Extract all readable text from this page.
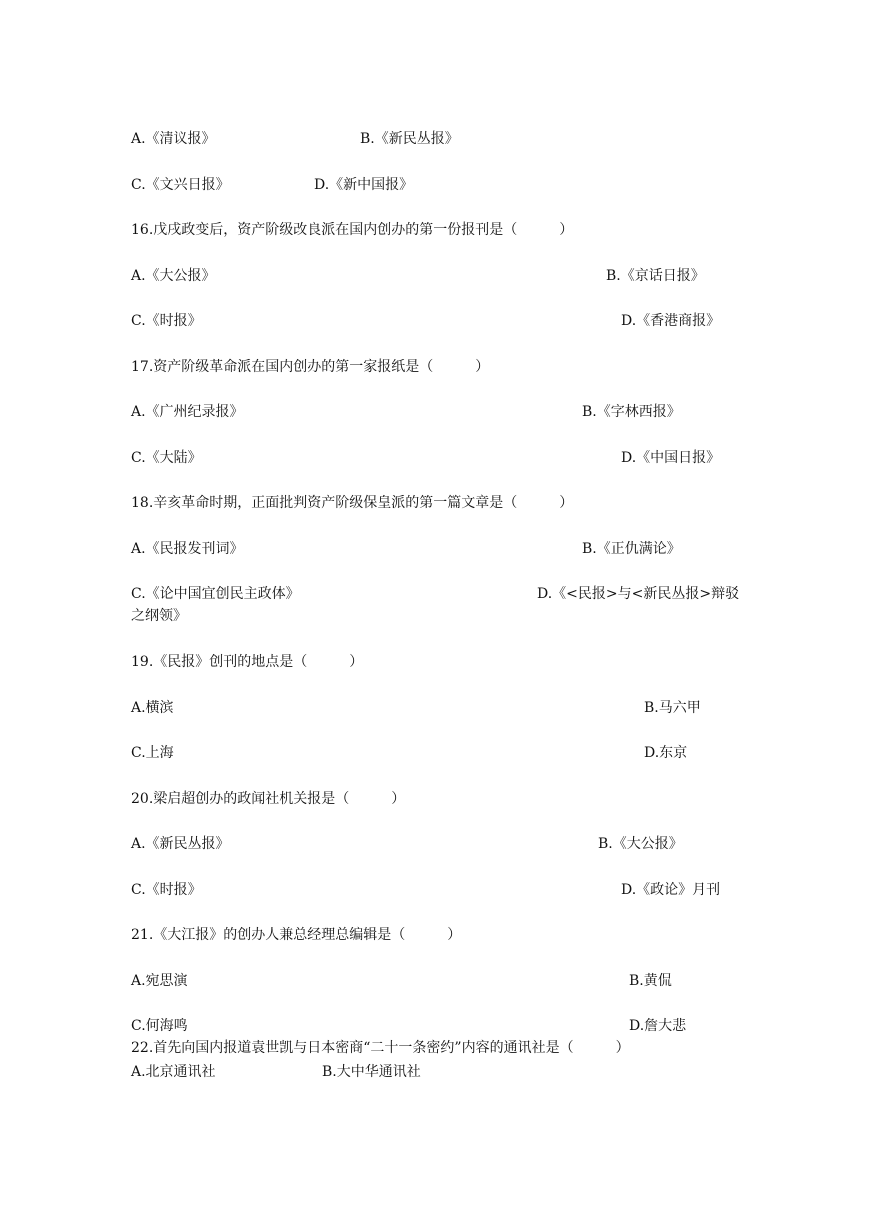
A.《清议报》	B.《新民丛报》
C.《文兴日报》	D.《新中国报》
16.戊戌政变后，资产阶级改良派在国内创办的第一份报刊是（　　　）
A.《大公报》	B.《京话日报》
C.《时报》	D.《香港商报》
17.资产阶级革命派在国内创办的第一家报纸是（　　　）
A.《广州纪录报》	B.《字林西报》
C.《大陆》	D.《中国日报》
18.辛亥革命时期，正面批判资产阶级保皇派的第一篇文章是（　　　）
A.《民报发刊词》	B.《正仇满论》
C.《论中国宜创民主政体》	D.《<民报>与<新民丛报>辩驳
之纲领》
19.《民报》创刊的地点是（　　　）
A.横滨	B.马六甲
C.上海	D.东京
20.梁启超创办的政闻社机关报是（　　　）
A.《新民丛报》	B.《大公报》
C.《时报》	D.《政论》月刊
21.《大江报》的创办人兼总经理总编辑是（　　　）
A.宛思演	B.黄侃
C.何海鸣	D.詹大悲
22.首先向国内报道袁世凯与日本密商“二十一条密约”内容的通讯社是（　　　）
A.北京通讯社	B.大中华通讯社
